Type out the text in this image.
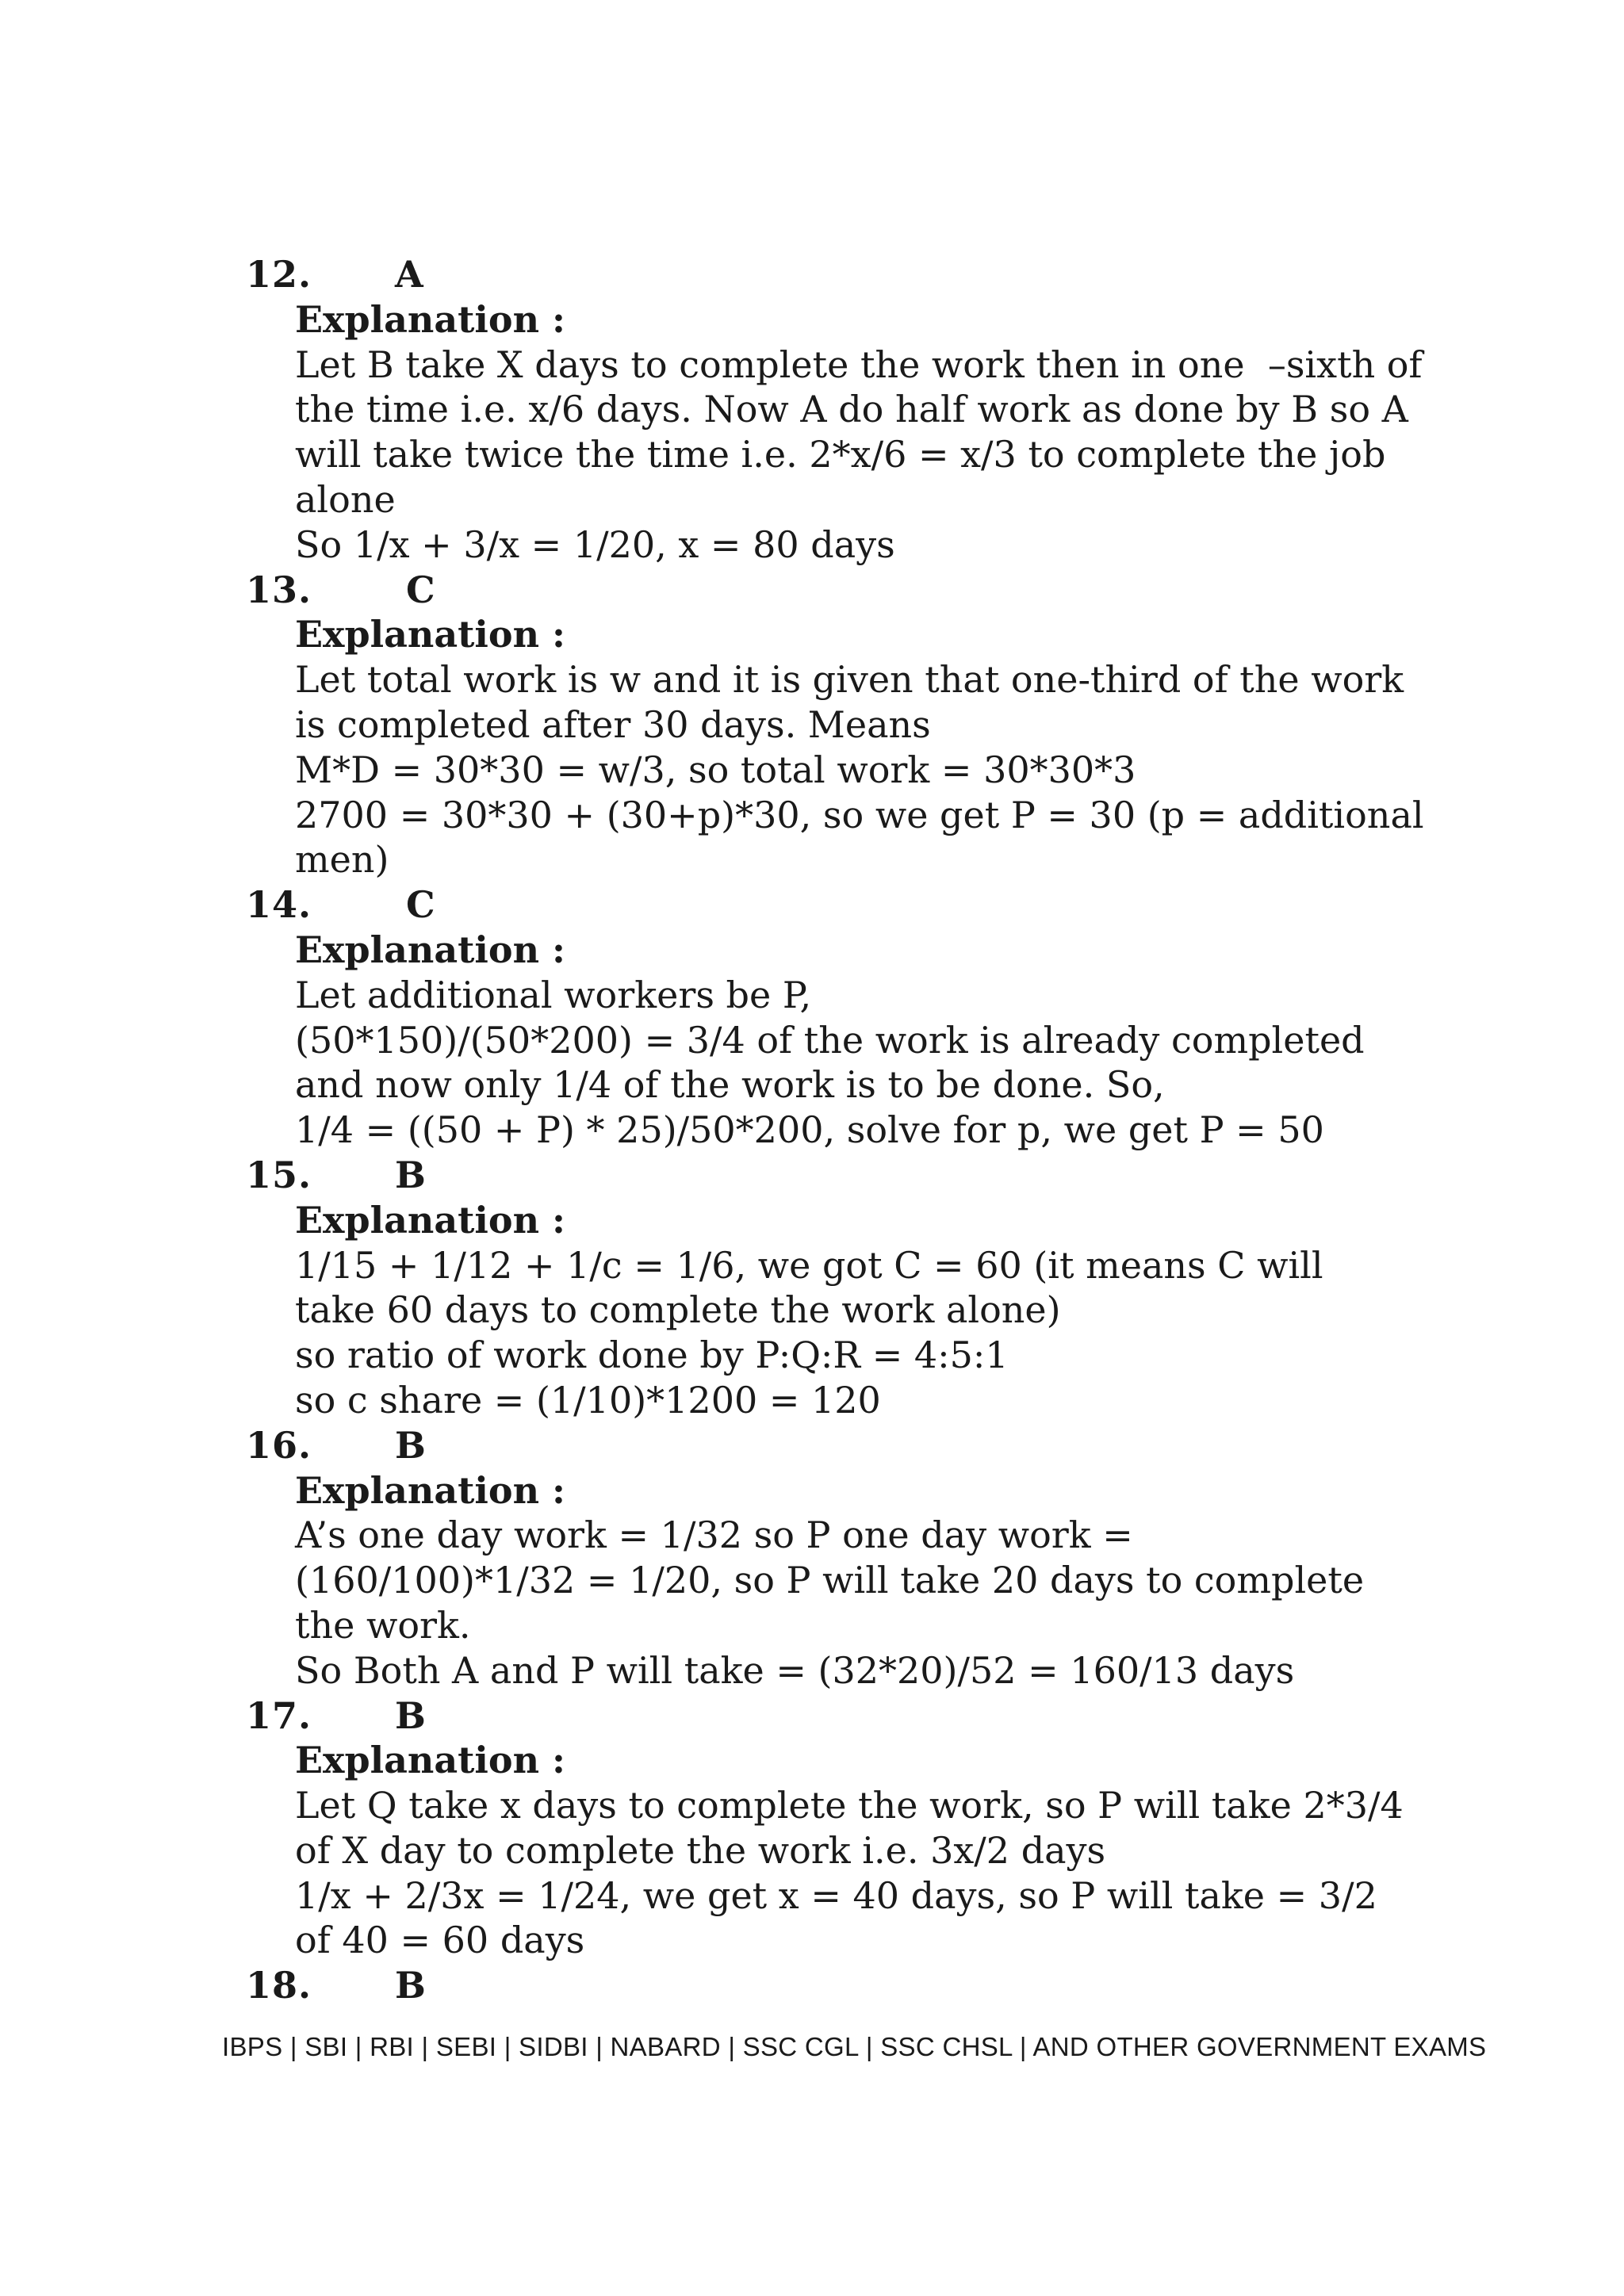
12.	A
Explanation :
Let B take X days to complete the work then in one  –sixth of
the time i.e. x/6 days. Now A do half work as done by B so A
will take twice the time i.e. 2*x/6 = x/3 to complete the job
alone
So 1/x + 3/x = 1/20, x = 80 days
13.	C
Explanation :
Let total work is w and it is given that one-third of the work
is completed after 30 days. Means
M*D = 30*30 = w/3, so total work = 30*30*3
2700 = 30*30 + (30+p)*30, so we get P = 30 (p = additional
men)
14.	C
Explanation :
Let additional workers be P,
(50*150)/(50*200) = 3/4 of the work is already completed
and now only 1/4 of the work is to be done. So,
1/4 = ((50 + P) * 25)/50*200, solve for p, we get P = 50
15.	B
Explanation :
1/15 + 1/12 + 1/c = 1/6, we got C = 60 (it means C will
take 60 days to complete the work alone)
so ratio of work done by P:Q:R = 4:5:1
so c share = (1/10)*1200 = 120
16.	B
Explanation :
A’s one day work = 1/32 so P one day work =
(160/100)*1/32 = 1/20, so P will take 20 days to complete
the work.
So Both A and P will take = (32*20)/52 = 160/13 days
17.	B
Explanation :
Let Q take x days to complete the work, so P will take 2*3/4
of X day to complete the work i.e. 3x/2 days
1/x + 2/3x = 1/24, we get x = 40 days, so P will take = 3/2
of 40 = 60 days
18.	B
IBPS | SBI | RBI | SEBI | SIDBI | NABARD | SSC CGL | SSC CHSL | AND OTHER GOVERNMENT EXAMS
